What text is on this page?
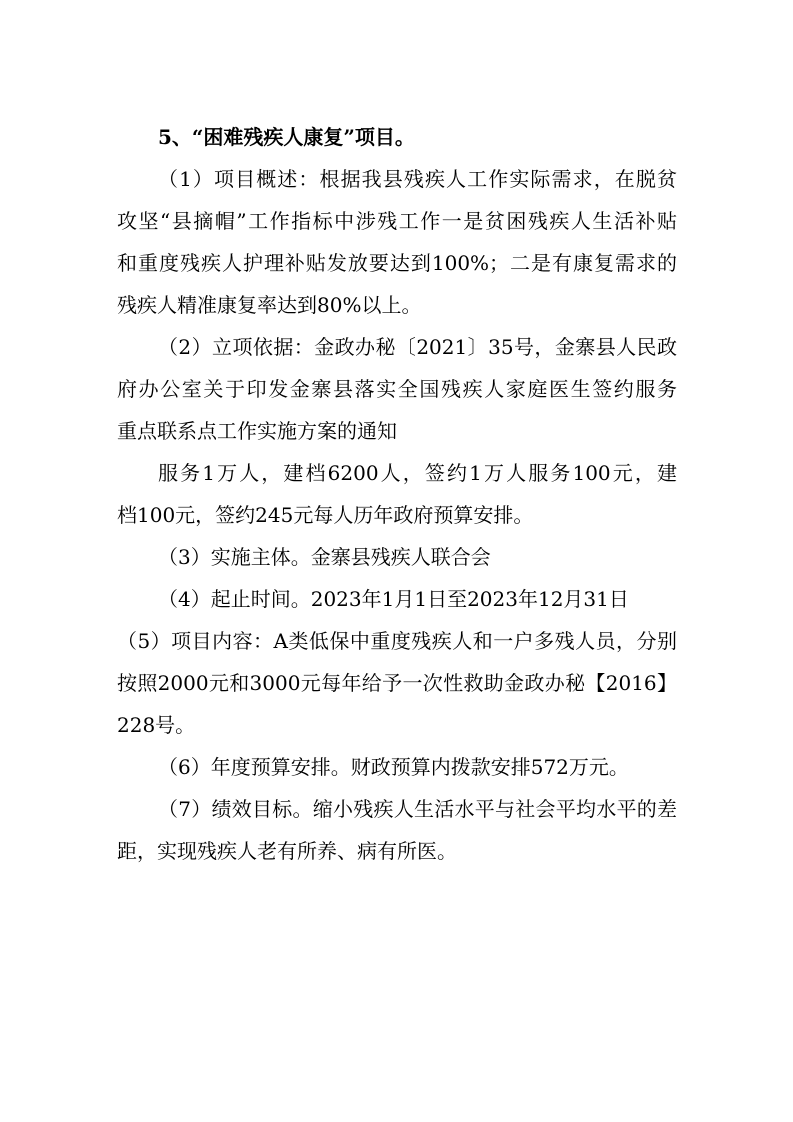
5、“困难残疾人康复”项目。
（1）项目概述：根据我县残疾人工作实际需求，在脱贫
攻坚“县摘帽”工作指标中涉残工作一是贫困残疾人生活补贴
和重度残疾人护理补贴发放要达到100%；二是有康复需求的
残疾人精准康复率达到80%以上。
（2）立项依据：金政办秘〔2021〕35号，金寨县人民政
府办公室关于印发金寨县落实全国残疾人家庭医生签约服务
重点联系点工作实施方案的通知
服务1万人，建档6200人，签约1万人服务100元，建
档100元，签约245元每人历年政府预算安排。
（3）实施主体。金寨县残疾人联合会
（4）起止时间。2023年1月1日至2023年12月31日
（5）项目内容：A类低保中重度残疾人和一户多残人员，分别
按照2000元和3000元每年给予一次性救助金政办秘【2016】
228号。
（6）年度预算安排。财政预算内拨款安排572万元。
（7）绩效目标。缩小残疾人生活水平与社会平均水平的差
距，实现残疾人老有所养、病有所医。
